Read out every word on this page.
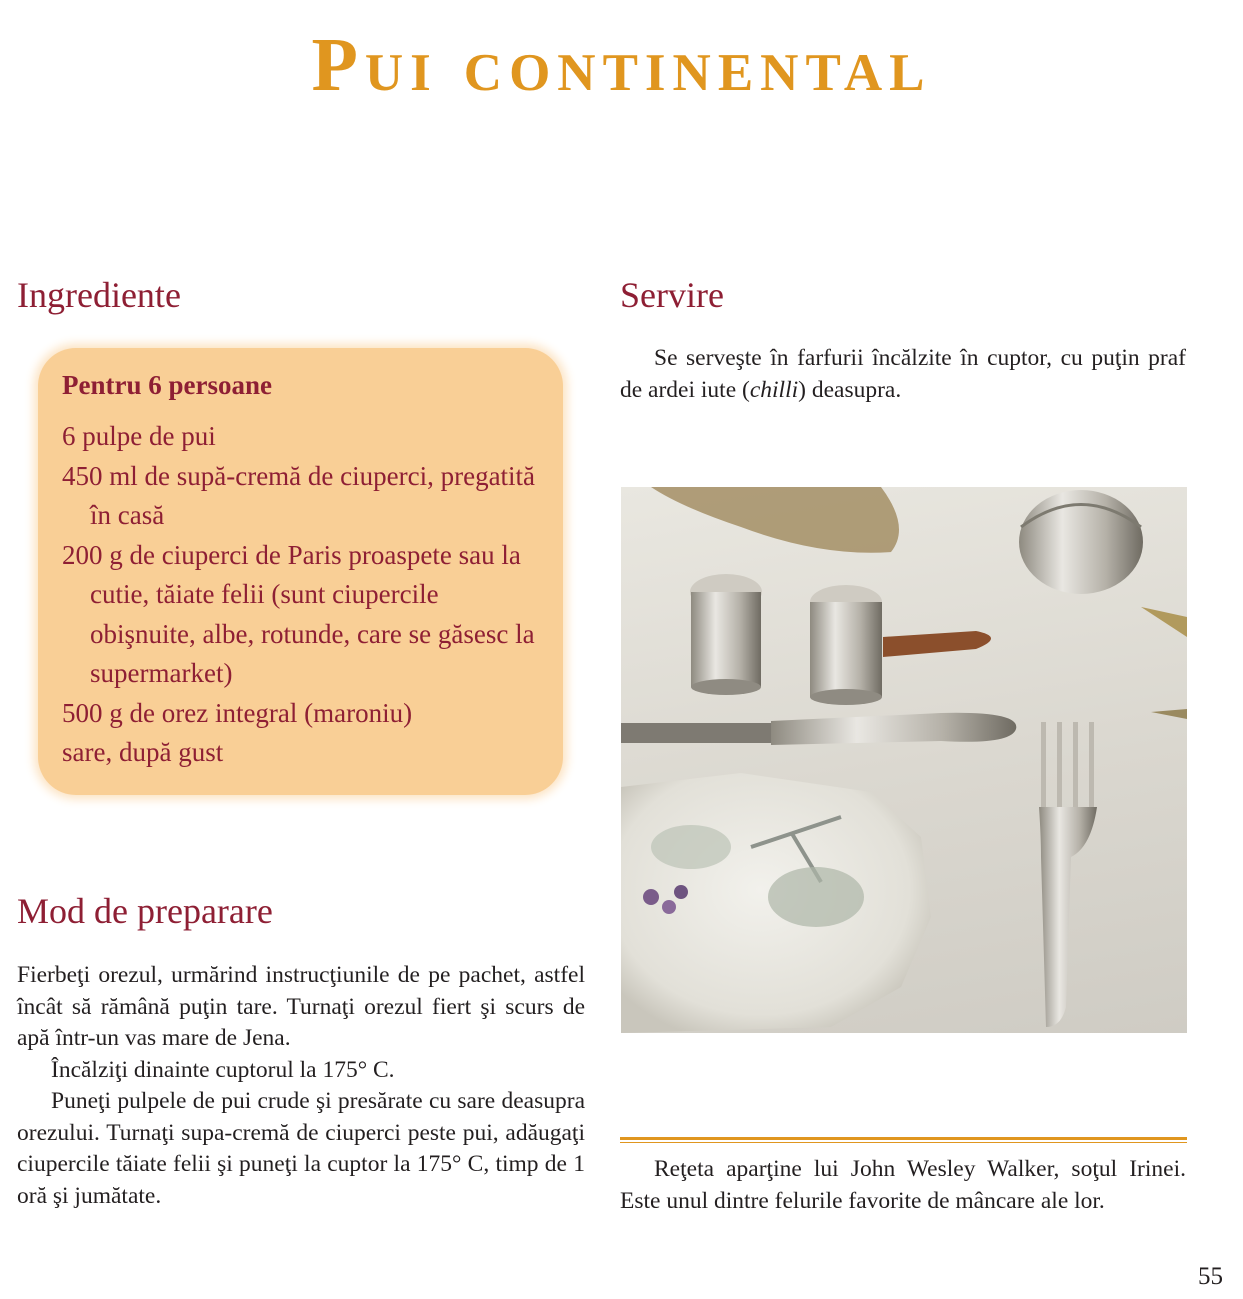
Pui continental
Ingrediente
Pentru 6 persoane
6 pulpe de pui
450 ml de supă-cremă de ciuperci, pregatită în casă
200 g de ciuperci de Paris proaspete sau la cutie, tăiate felii (sunt ciupercile obişnuite, albe, rotunde, care se găsesc la supermarket)
500 g de orez integral (maroniu)
sare, după gust
Mod de preparare

Fierbeţi orezul, urmărind instrucţiunile de pe pachet, astfel încât să rămână puţin tare. Turnaţi orezul fiert şi scurs de apă într-un vas mare de Jena.

Încălziţi dinainte cuptorul la 175° C.

Puneţi pulpele de pui crude şi presărate cu sare deasupra orezului. Turnaţi supa-cremă de ciuperci peste pui, adăugaţi ciupercile tăiate felii şi puneţi la cuptor la 175° C, timp de 1 oră şi jumătate.

Servire

Se serveşte în farfurii încălzite în cuptor, cu puţin praf de ardei iute (chilli) deasupra.

Reţeta aparţine lui John Wesley Walker, soţul Irinei. Este unul dintre felurile favorite de mâncare ale lor.

55
